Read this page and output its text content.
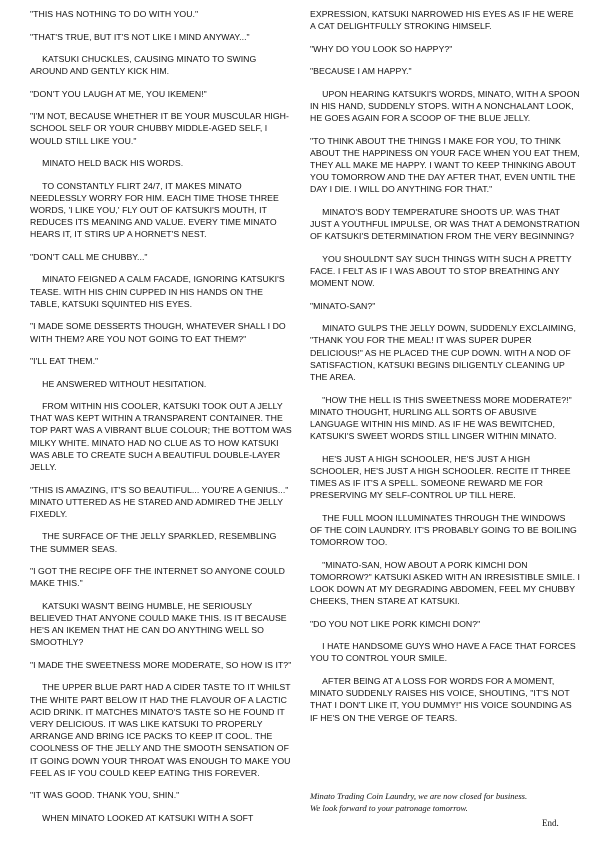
"THIS HAS NOTHING TO DO WITH YOU."

"THAT'S TRUE, BUT IT'S NOT LIKE I MIND ANYWAY..."

KATSUKI CHUCKLES, CAUSING MINATO TO SWING AROUND AND GENTLY KICK HIM.

"DON'T YOU LAUGH AT ME, YOU IKEMEN!"

"I'M NOT, BECAUSE WHETHER IT BE YOUR MUSCULAR HIGH-SCHOOL SELF OR YOUR CHUBBY MIDDLE-AGED SELF, I WOULD STILL LIKE YOU."

MINATO HELD BACK HIS WORDS.

TO CONSTANTLY FLIRT 24/7, IT MAKES MINATO NEEDLESSLY WORRY FOR HIM. EACH TIME THOSE THREE WORDS, 'I LIKE YOU,' FLY OUT OF KATSUKI'S MOUTH, IT REDUCES ITS MEANING AND VALUE. EVERY TIME MINATO HEARS IT, IT STIRS UP A HORNET'S NEST.

"DON'T CALL ME CHUBBY..."

MINATO FEIGNED A CALM FACADE, IGNORING KATSUKI'S TEASE. WITH HIS CHIN CUPPED IN HIS HANDS ON THE TABLE, KATSUKI SQUINTED HIS EYES.

"I MADE SOME DESSERTS THOUGH, WHATEVER SHALL I DO WITH THEM? ARE YOU NOT GOING TO EAT THEM?"

"I'LL EAT THEM."

HE ANSWERED WITHOUT HESITATION.

FROM WITHIN HIS COOLER, KATSUKI TOOK OUT A JELLY THAT WAS KEPT WITHIN A TRANSPARENT CONTAINER. THE TOP PART WAS A VIBRANT BLUE COLOUR; THE BOTTOM WAS MILKY WHITE. MINATO HAD NO CLUE AS TO HOW KATSUKI WAS ABLE TO CREATE SUCH A BEAUTIFUL DOUBLE-LAYER JELLY.

"THIS IS AMAZING, IT'S SO BEAUTIFUL... YOU'RE A GENIUS..." MINATO UTTERED AS HE STARED AND ADMIRED THE JELLY FIXEDLY.

THE SURFACE OF THE JELLY SPARKLED, RESEMBLING THE SUMMER SEAS.

"I GOT THE RECIPE OFF THE INTERNET SO ANYONE COULD MAKE THIS."

KATSUKI WASN'T BEING HUMBLE, HE SERIOUSLY BELIEVED THAT ANYONE COULD MAKE THIS. IS IT BECAUSE HE'S AN IKEMEN THAT HE CAN DO ANYTHING WELL SO SMOOTHLY?

"I MADE THE SWEETNESS MORE MODERATE, SO HOW IS IT?"

THE UPPER BLUE PART HAD A CIDER TASTE TO IT WHILST THE WHITE PART BELOW IT HAD THE FLAVOUR OF A LACTIC ACID DRINK. IT MATCHES MINATO'S TASTE SO HE FOUND IT VERY DELICIOUS. IT WAS LIKE KATSUKI TO PROPERLY ARRANGE AND BRING ICE PACKS TO KEEP IT COOL. THE COOLNESS OF THE JELLY AND THE SMOOTH SENSATION OF IT GOING DOWN YOUR THROAT WAS ENOUGH TO MAKE YOU FEEL AS IF YOU COULD KEEP EATING THIS FOREVER.

"IT WAS GOOD. THANK YOU, SHIN."

WHEN MINATO LOOKED AT KATSUKI WITH A SOFT

EXPRESSION, KATSUKI NARROWED HIS EYES AS IF HE WERE A CAT DELIGHTFULLY STROKING HIMSELF.

"WHY DO YOU LOOK SO HAPPY?"

"BECAUSE I AM HAPPY."

UPON HEARING KATSUKI'S WORDS, MINATO, WITH A SPOON IN HIS HAND, SUDDENLY STOPS. WITH A NONCHALANT LOOK, HE GOES AGAIN FOR A SCOOP OF THE BLUE JELLY.

"TO THINK ABOUT THE THINGS I MAKE FOR YOU, TO THINK ABOUT THE HAPPINESS ON YOUR FACE WHEN YOU EAT THEM, THEY ALL MAKE ME HAPPY. I WANT TO KEEP THINKING ABOUT YOU TOMORROW AND THE DAY AFTER THAT, EVEN UNTIL THE DAY I DIE. I WILL DO ANYTHING FOR THAT."

MINATO'S BODY TEMPERATURE SHOOTS UP. WAS THAT JUST A YOUTHFUL IMPULSE, OR WAS THAT A DEMONSTRATION OF KATSUKI'S DETERMINATION FROM THE VERY BEGINNING?

YOU SHOULDN'T SAY SUCH THINGS WITH SUCH A PRETTY FACE. I FELT AS IF I WAS ABOUT TO STOP BREATHING ANY MOMENT NOW.

"MINATO-SAN?"

MINATO GULPS THE JELLY DOWN, SUDDENLY EXCLAIMING, "THANK YOU FOR THE MEAL! IT WAS SUPER DUPER DELICIOUS!" AS HE PLACED THE CUP DOWN. WITH A NOD OF SATISFACTION, KATSUKI BEGINS DILIGENTLY CLEANING UP THE AREA.

"HOW THE HELL IS THIS SWEETNESS MORE MODERATE?!" MINATO THOUGHT, HURLING ALL SORTS OF ABUSIVE LANGUAGE WITHIN HIS MIND. AS IF HE WAS BEWITCHED, KATSUKI'S SWEET WORDS STILL LINGER WITHIN MINATO.

HE'S JUST A HIGH SCHOOLER, HE'S JUST A HIGH SCHOOLER, HE'S JUST A HIGH SCHOOLER. RECITE IT THREE TIMES AS IF IT'S A SPELL. SOMEONE REWARD ME FOR PRESERVING MY SELF-CONTROL UP TILL HERE.

THE FULL MOON ILLUMINATES THROUGH THE WINDOWS OF THE COIN LAUNDRY. IT'S PROBABLY GOING TO BE BOILING TOMORROW TOO.

"MINATO-SAN, HOW ABOUT A PORK KIMCHI DON TOMORROW?" KATSUKI ASKED WITH AN IRRESISTIBLE SMILE. I LOOK DOWN AT MY DEGRADING ABDOMEN, FEEL MY CHUBBY CHEEKS, THEN STARE AT KATSUKI.

"DO YOU NOT LIKE PORK KIMCHI DON?"

I HATE HANDSOME GUYS WHO HAVE A FACE THAT FORCES YOU TO CONTROL YOUR SMILE.

AFTER BEING AT A LOSS FOR WORDS FOR A MOMENT, MINATO SUDDENLY RAISES HIS VOICE, SHOUTING, "IT'S NOT THAT I DON'T LIKE IT, YOU DUMMY!" HIS VOICE SOUNDING AS IF HE'S ON THE VERGE OF TEARS.

Minato Trading Coin Laundry, we are now closed for business.

We look forward to your patronage tomorrow.

End.
